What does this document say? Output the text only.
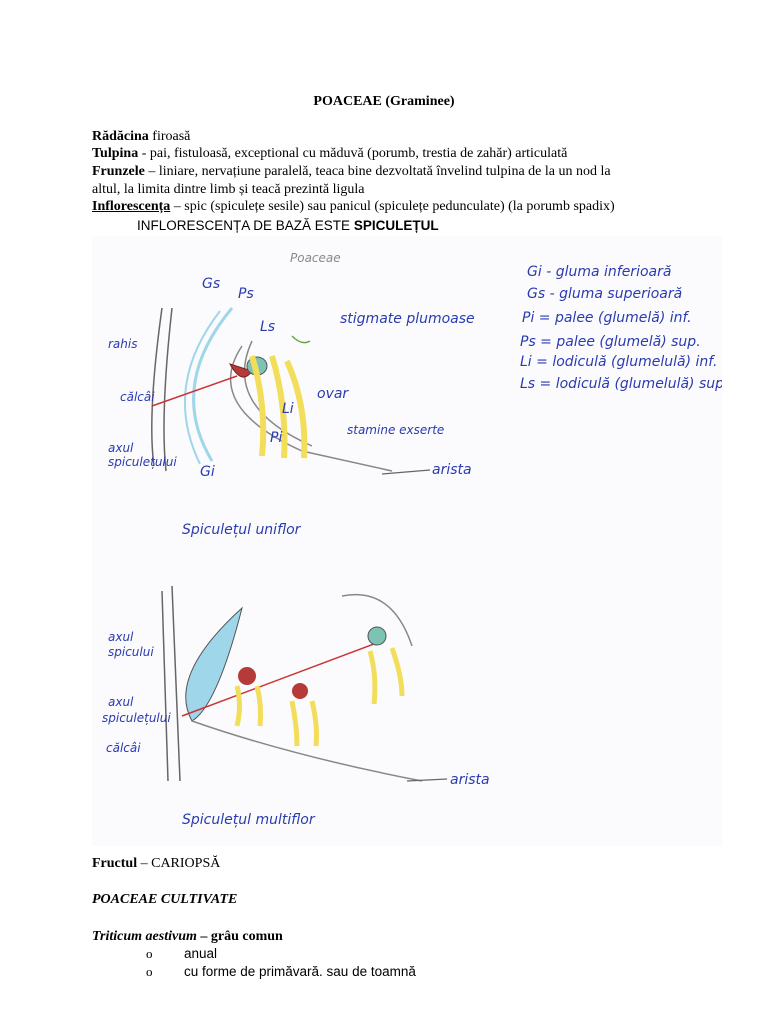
POACEAE (Graminee)
Rădăcina firoasă
Tulpina - pai, fistuloasă, exceptional cu măduvă (porumb, trestia de zahăr) articulată
Frunzele – liniare, nervațiune paralelă, teaca bine dezvoltată învelind tulpina de la un nod la
altul, la limita dintre limb și teacă prezintă ligula
Inflorescența – spic (spiculețe sesile) sau panicul (spiculețe pedunculate) (la porumb spadix)
INFLORESCENȚA DE BAZĂ ESTE SPICULEȚUL
Poaceae
Gi - gluma inferioară
Gs - gluma superioară
Pi = palee (glumelă) inf.
Ps = palee (glumelă) sup.
Li = lodiculă (glumelulă) inf.
Ls = lodiculă (glumelulă) sup.
Gs
Ps
Ls	stigmate plumoase
rahis
călcâi	ovar
Li
Pi	stamine exserte
axul
spiculețului
Gi	arista
Spiculețul uniflor
axul
spicului
axul
spiculețului
călcâi
arista
Spiculețul multiflor
Fructul – CARIOPSĂ
POACEAE CULTIVATE
Triticum aestivum – grâu comun
o anual
o cu forme de primăvară. sau de toamnă
